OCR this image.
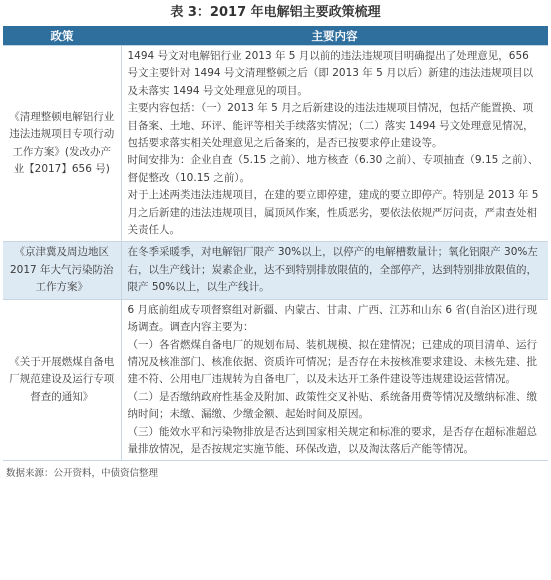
表 3：2017 年电解铝主要政策梳理
政策	主要内容
《清理整顿电解铝行业违法违规项目专项行动工作方案》(发改办产业【2017】656 号)	1494 号文对电解铝行业 2013 年 5 月以前的违法违规项目明确提出了处理意见，656 号文主要针对 1494 号文清理整顿之后（即 2013 年 5 月以后）新建的违法违规项目以及未落实 1494 号文处理意见的项目。

主要内容包括：（一）2013 年 5 月之后新建设的违法违规项目情况，包括产能置换、项目备案、土地、环评、能评等相关手续落实情况；（二）落实 1494 号文处理意见情况，包括要求落实相关处理意见之后备案的，是否已按要求停止建设等。

时间安排为：企业自查（5.15 之前）、地方核查（6.30 之前）、专项抽查（9.15 之前）、督促整改（10.15 之前）。

对于上述两类违法违规项目，在建的要立即停建，建成的要立即停产。特别是 2013 年 5 月之后新建的违法违规项目，属顶风作案，性质恶劣，要依法依规严厉问责，严肃查处相关责任人。

《京津冀及周边地区 2017 年大气污染防治工作方案》	在冬季采暖季，对电解铝厂限产 30%以上，以停产的电解槽数量计；氧化铝限产 30%左右，以生产线计；炭素企业，达不到特别排放限值的，全部停产，达到特别排放限值的，限产 50%以上，以生产线计。

《关于开展燃煤自备电厂规范建设及运行专项督查的通知》	6 月底前组成专项督察组对新疆、内蒙古、甘肃、广西、江苏和山东 6 省(自治区)进行现场调查。调查内容主要为：

（一）各省燃煤自备电厂的规划布局、装机规模、拟在建情况；已建成的项目清单、运行情况及核准部门、核准依据、资质许可情况；是否存在未按核准要求建设、未核先建、批建不符、公用电厂违规转为自备电厂，以及未达开工条件建设等违规建设运营情况。

（二）是否缴纳政府性基金及附加、政策性交叉补贴、系统备用费等情况及缴纳标准、缴纳时间；未缴、漏缴、少缴金额、起始时间及原因。

（三）能效水平和污染物排放是否达到国家相关规定和标准的要求，是否存在超标准超总量排放情况，是否按规定实施节能、环保改造，以及淘汰落后产能等情况。

数据来源：公开资料，中债资信整理
